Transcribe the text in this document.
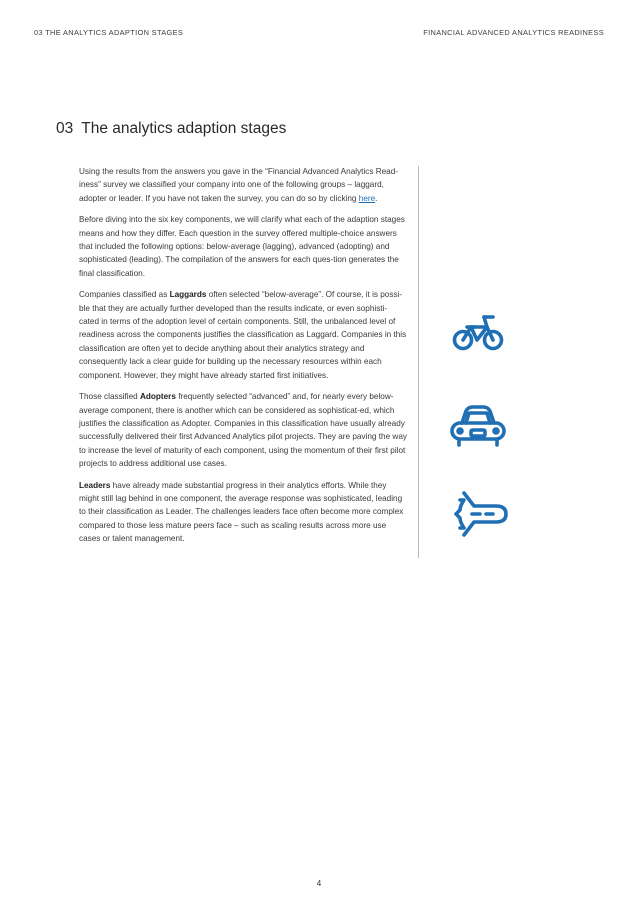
03 THE ANALYTICS ADAPTION STAGES	FINANCIAL ADVANCED ANALYTICS READINESS
03 The analytics adaption stages

Using the results from the answers you gave in the “Financial Advanced Analytics Read-iness” survey we classified your company into one of the following groups – laggard, adopter or leader. If you have not taken the survey, you can do so by clicking here.

Before diving into the six key components, we will clarify what each of the adaption stages means and how they differ. Each question in the survey offered multiple-choice answers that included the following options: below-average (lagging), advanced (adopting) and sophisticated (leading). The compilation of the answers for each ques-tion generates the final classification.

Companies classified as Laggards often selected “below-average”. Of course, it is possi-ble that they are actually further developed than the results indicate, or even sophisti-cated in terms of the adoption level of certain components. Still, the unbalanced level of readiness across the components justifies the classification as Laggard. Companies in this classification are often yet to decide anything about their analytics strategy and consequently lack a clear guide for building up the necessary resources within each component. However, they might have already started first initiatives.

Those classified Adopters frequently selected “advanced” and, for nearly every below-average component, there is another which can be considered as sophisticat-ed, which justifies the classification as Adopter. Companies in this classification have usually already successfully delivered their first Advanced Analytics pilot projects. They are paving the way to increase the level of maturity of each component, using the momentum of their first pilot projects to address additional use cases.

Leaders have already made substantial progress in their analytics efforts. While they might still lag behind in one component, the average response was sophisticated, leading to their classification as Leader. The challenges leaders face often become more complex compared to those less mature peers face – such as scaling results across more use cases or talent management.

4
